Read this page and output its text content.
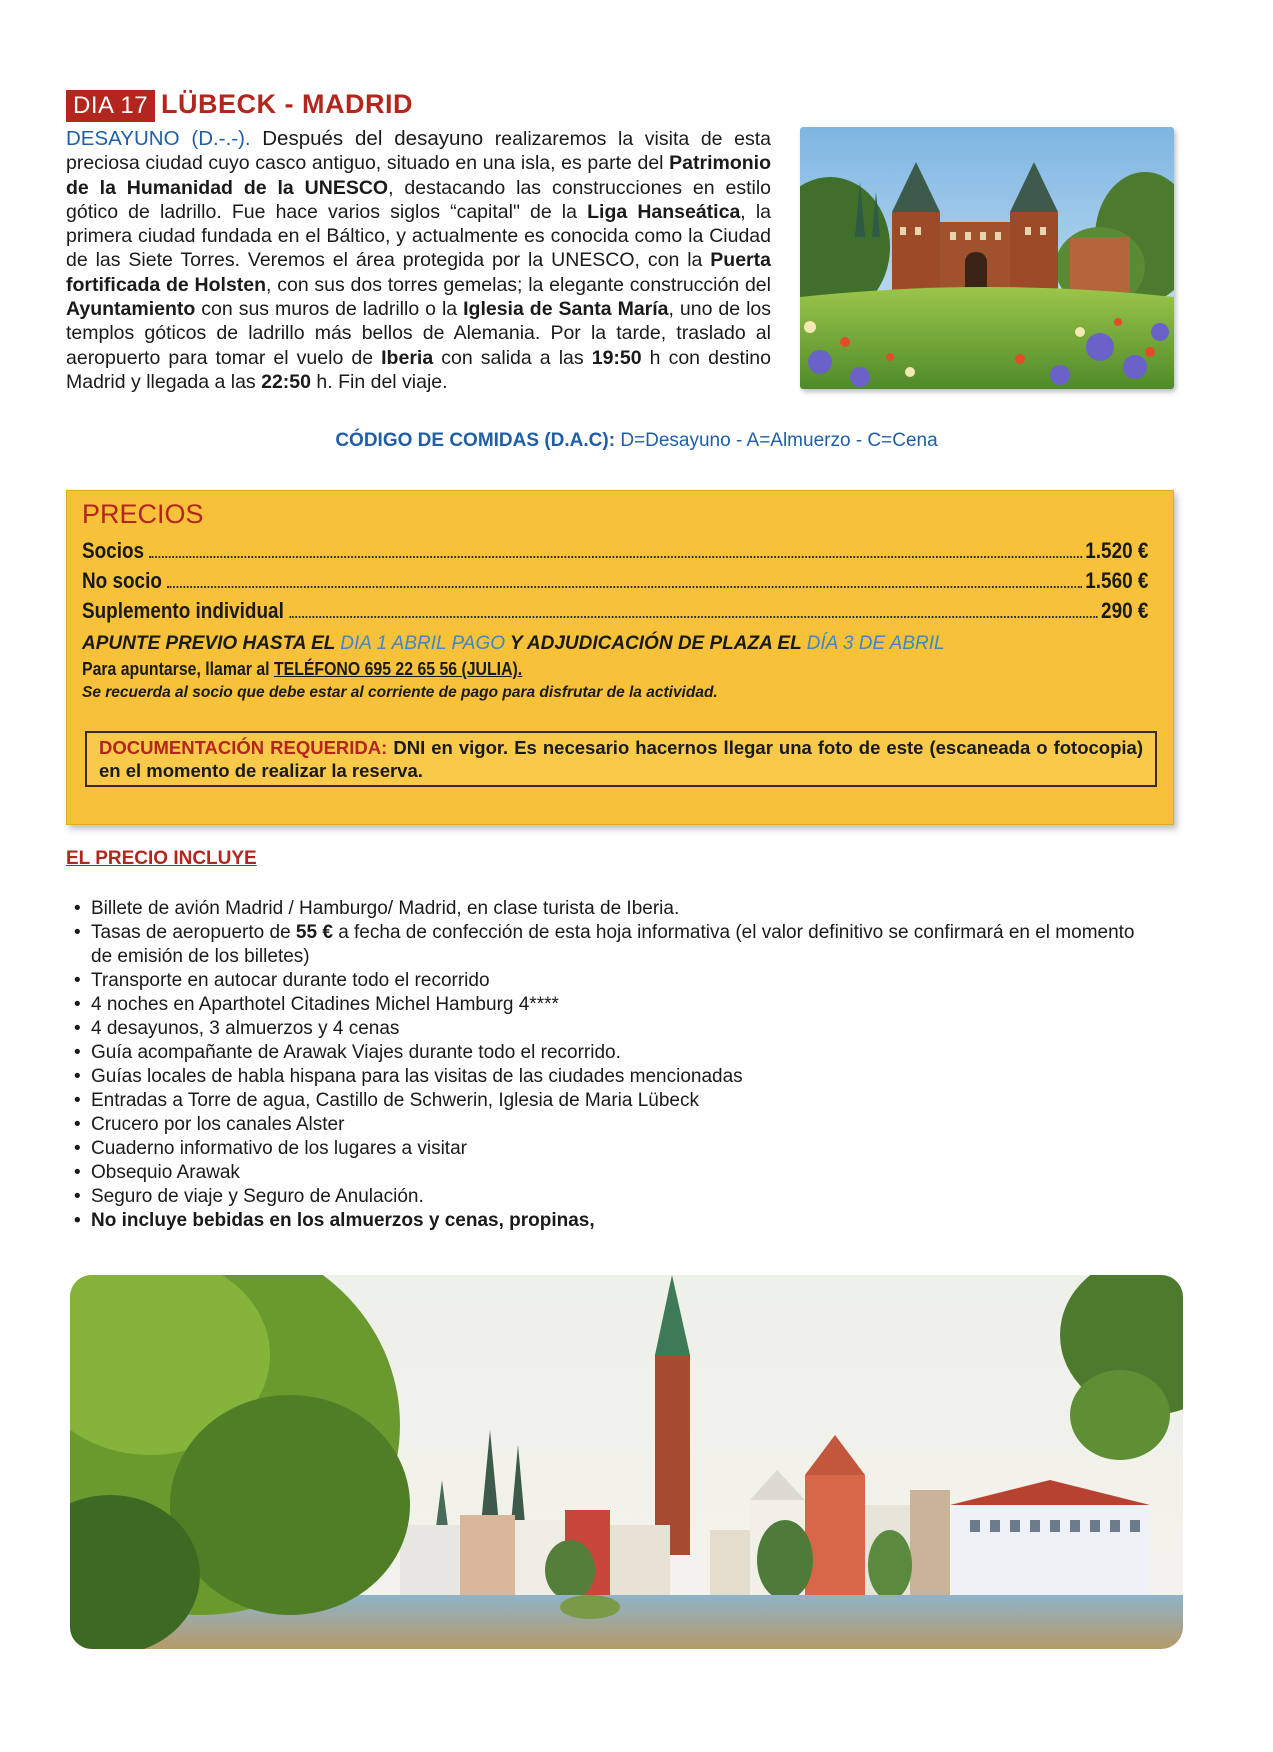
DIA 17 LÜBECK - MADRID
DESAYUNO (D.-.-). Después del desayuno realizaremos la visita de esta preciosa ciudad cuyo casco antiguo, situado en una isla, es parte del Patrimonio de la Humanidad de la UNESCO, destacando las construcciones en estilo gótico de ladrillo. Fue hace varios siglos “capital" de la Liga Hanseática, la primera ciudad fundada en el Báltico, y actualmente es conocida como la Ciudad de las Siete Torres. Veremos el área protegida por la UNESCO, con la Puerta fortificada de Holsten, con sus dos torres gemelas; la elegante construcción del Ayuntamiento con sus muros de ladrillo o la Iglesia de Santa María, uno de los templos góticos de ladrillo más bellos de Alemania. Por la tarde, traslado al aeropuerto para tomar el vuelo de Iberia con salida a las 19:50 h con destino Madrid y llegada a las 22:50 h. Fin del viaje.
CÓDIGO DE COMIDAS (D.A.C): D=Desayuno - A=Almuerzo - C=Cena
PRECIOS
Socios	1.520 €
No socio	1.560 €
Suplemento individual	290 €
APUNTE PREVIO HASTA EL DIA 1 ABRIL PAGO Y ADJUDICACIÓN DE PLAZA EL DÍA 3 DE ABRIL
Para apuntarse, llamar al TELÉFONO 695 22 65 56 (JULIA).
Se recuerda al socio que debe estar al corriente de pago para disfrutar de la actividad.
DOCUMENTACIÓN REQUERIDA: DNI en vigor. Es necesario hacernos llegar una foto de este (escaneada o fotocopia) en el momento de realizar la reserva.
EL PRECIO INCLUYE
• Billete de avión Madrid / Hamburgo/ Madrid, en clase turista de Iberia.
• Tasas de aeropuerto de 55 € a fecha de confección de esta hoja informativa (el valor definitivo se confirmará en el momento de emisión de los billetes)
• Transporte en autocar durante todo el recorrido
• 4 noches en Aparthotel Citadines Michel Hamburg 4****
• 4 desayunos, 3 almuerzos y 4 cenas
• Guía acompañante de Arawak Viajes durante todo el recorrido.
• Guías locales de habla hispana para las visitas de las ciudades mencionadas
• Entradas a Torre de agua, Castillo de Schwerin, Iglesia de Maria Lübeck
• Crucero por los canales Alster
• Cuaderno informativo de los lugares a visitar
• Obsequio Arawak
• Seguro de viaje y Seguro de Anulación.
• No incluye bebidas en los almuerzos y cenas, propinas,
